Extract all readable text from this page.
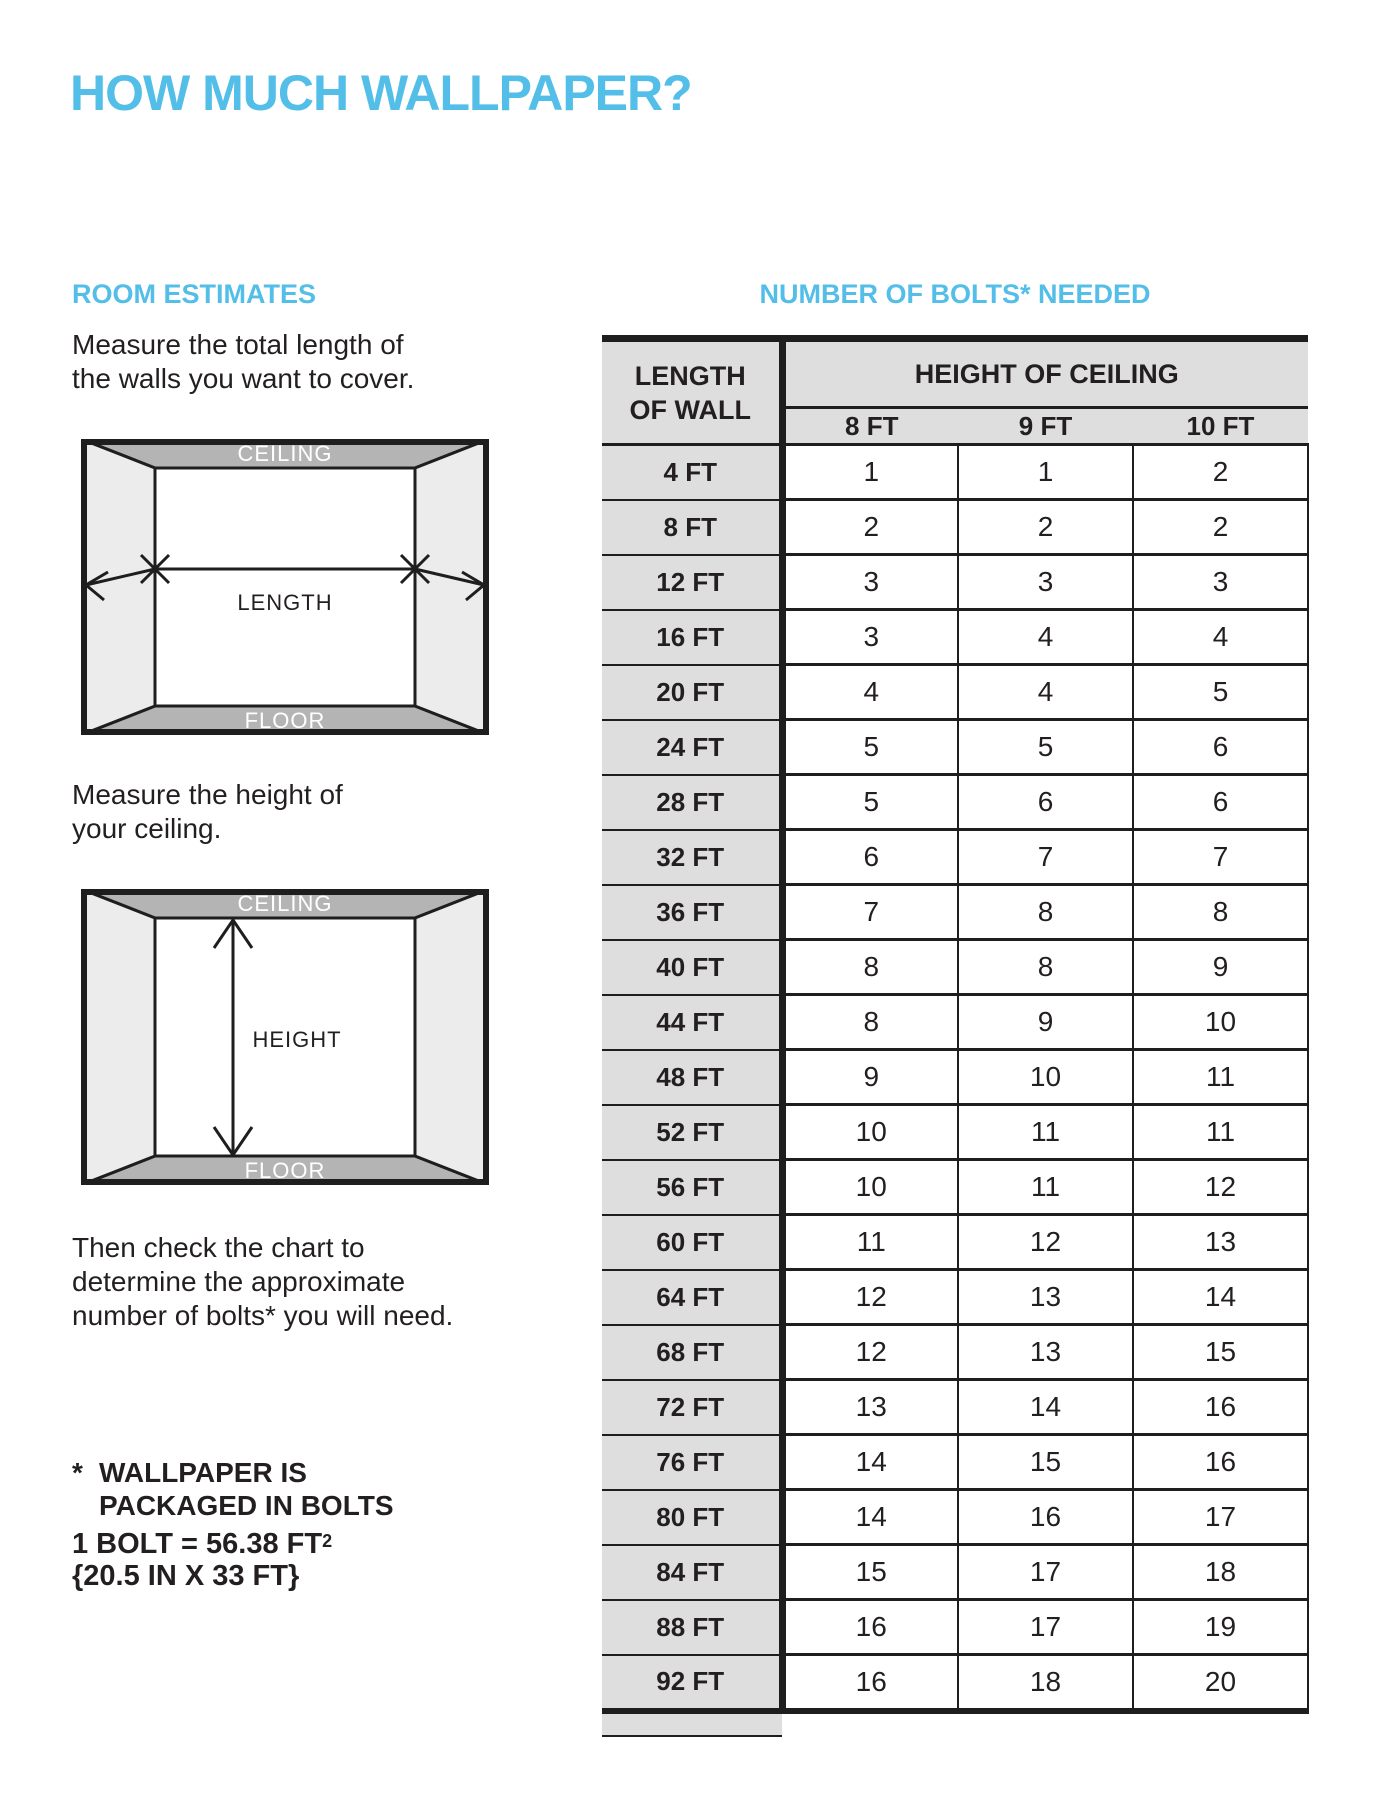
HOW MUCH WALLPAPER?
ROOM ESTIMATES

Measure the total length of
the walls you want to cover.

CEILING
FLOOR
LENGTH

Measure the height of
your ceiling.

CEILING
FLOOR
HEIGHT

Then check the chart to
determine the approximate
number of bolts* you will need.

* WALLPAPER IS
PACKAGED IN BOLTS

1 BOLT = 56.38 $FT^2$
{20.5 IN X 33 FT}

NUMBER OF BOLTS* NEEDED
LENGTH
OF WALL	HEIGHT OF CEILING		
	8 FT	9 FT	10 FT
4 FT	1	1	2
8 FT	2	2	2
12 FT	3	3	3
16 FT	3	4	4
20 FT	4	4	5
24 FT	5	5	6
28 FT	5	6	6
32 FT	6	7	7
36 FT	7	8	8
40 FT	8	8	9
44 FT	8	9	10
48 FT	9	10	11
52 FT	10	11	11
56 FT	10	11	12
60 FT	11	12	13
64 FT	12	13	14
68 FT	12	13	15
72 FT	13	14	16
76 FT	14	15	16
80 FT	14	16	17
84 FT	15	17	18
88 FT	16	17	19
92 FT	16	18	20
